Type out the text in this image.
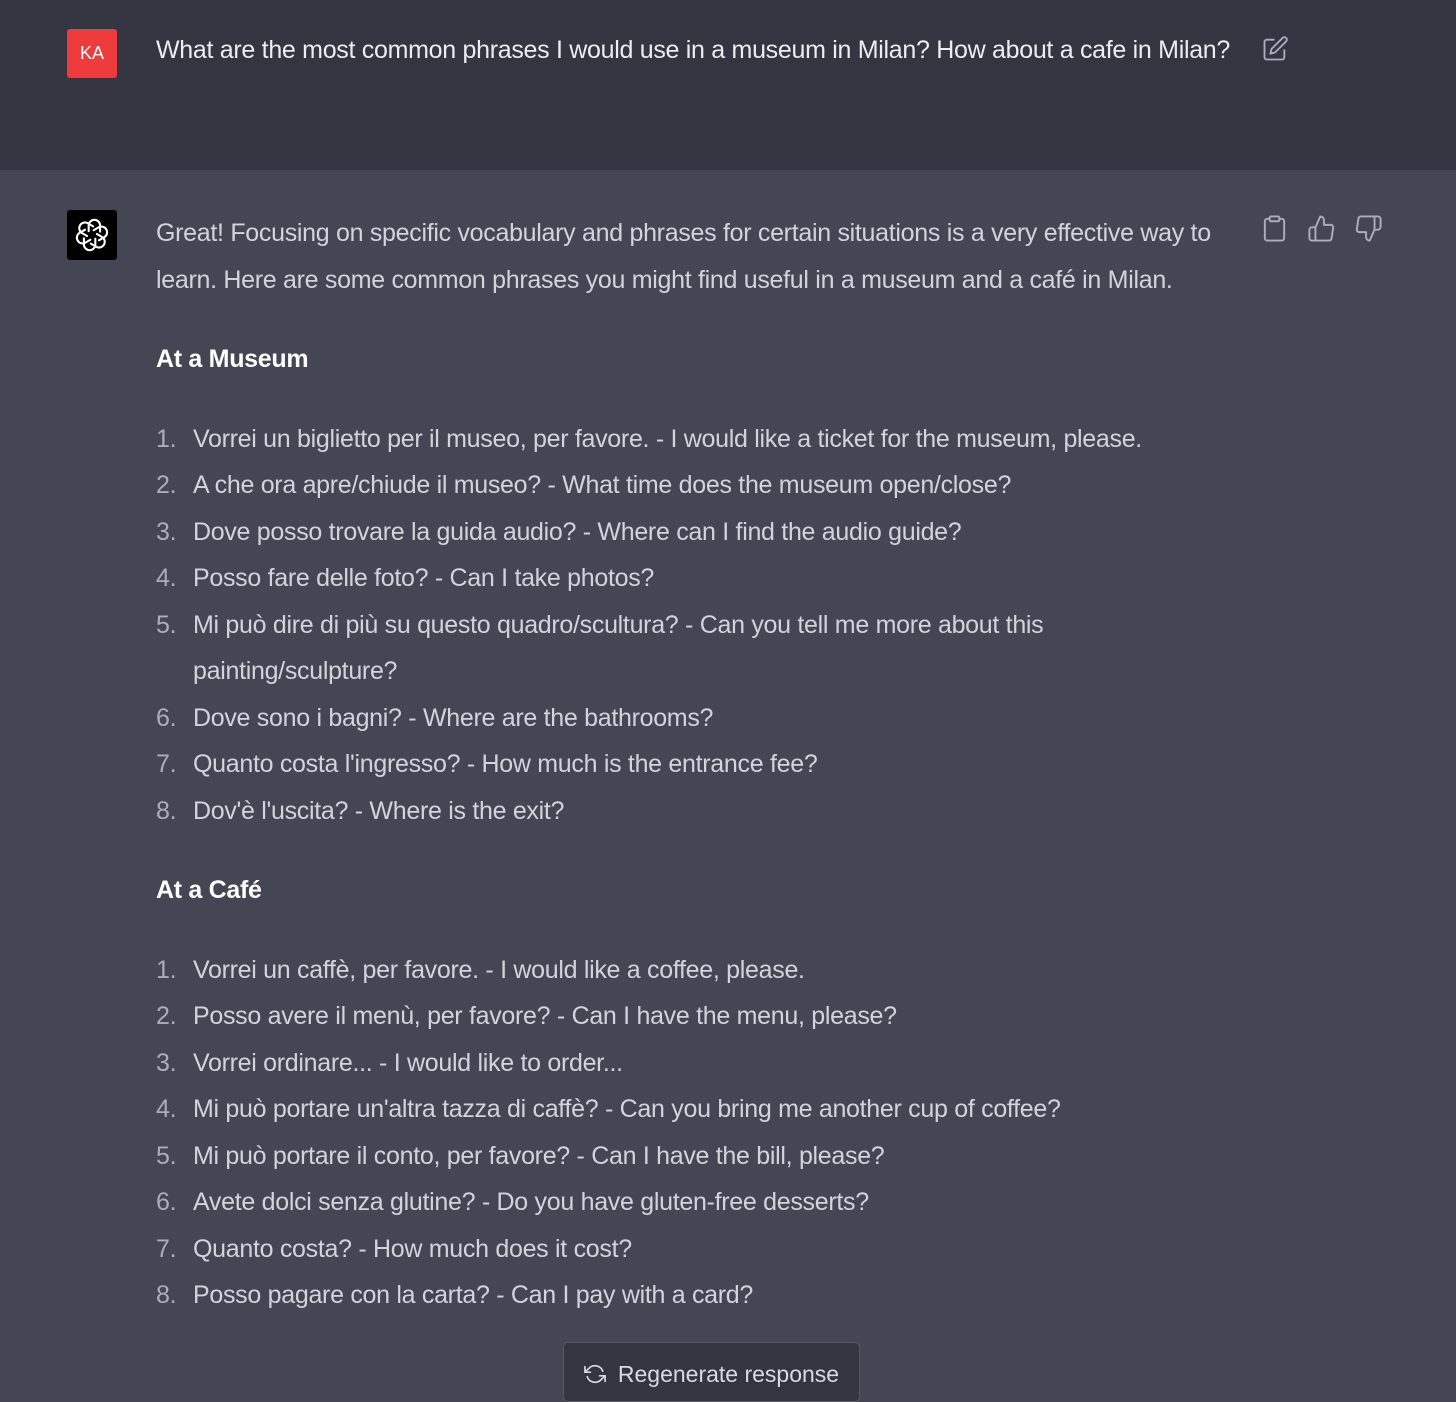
KA	What are the most common phrases I would use in a museum in Milan? How about a cafe in Milan?

Great! Focusing on specific vocabulary and phrases for certain situations is a very effective way to learn. Here are some common phrases you might find useful in a museum and a café in Milan.

At a Museum
1. Vorrei un biglietto per il museo, per favore. - I would like a ticket for the museum, please.
2. A che ora apre/chiude il museo? - What time does the museum open/close?
3. Dove posso trovare la guida audio? - Where can I find the audio guide?
4. Posso fare delle foto? - Can I take photos?
5. Mi può dire di più su questo quadro/scultura? - Can you tell me more about this painting/sculpture?
6. Dove sono i bagni? - Where are the bathrooms?
7. Quanto costa l'ingresso? - How much is the entrance fee?
8. Dov'è l'uscita? - Where is the exit?
At a Café
1. Vorrei un caffè, per favore. - I would like a coffee, please.
2. Posso avere il menù, per favore? - Can I have the menu, please?
3. Vorrei ordinare... - I would like to order...
4. Mi può portare un'altra tazza di caffè? - Can you bring me another cup of coffee?
5. Mi può portare il conto, per favore? - Can I have the bill, please?
6. Avete dolci senza glutine? - Do you have gluten-free desserts?
7. Quanto costa? - How much does it cost?
8. Posso pagare con la carta? - Can I pay with a card?
Regenerate response
